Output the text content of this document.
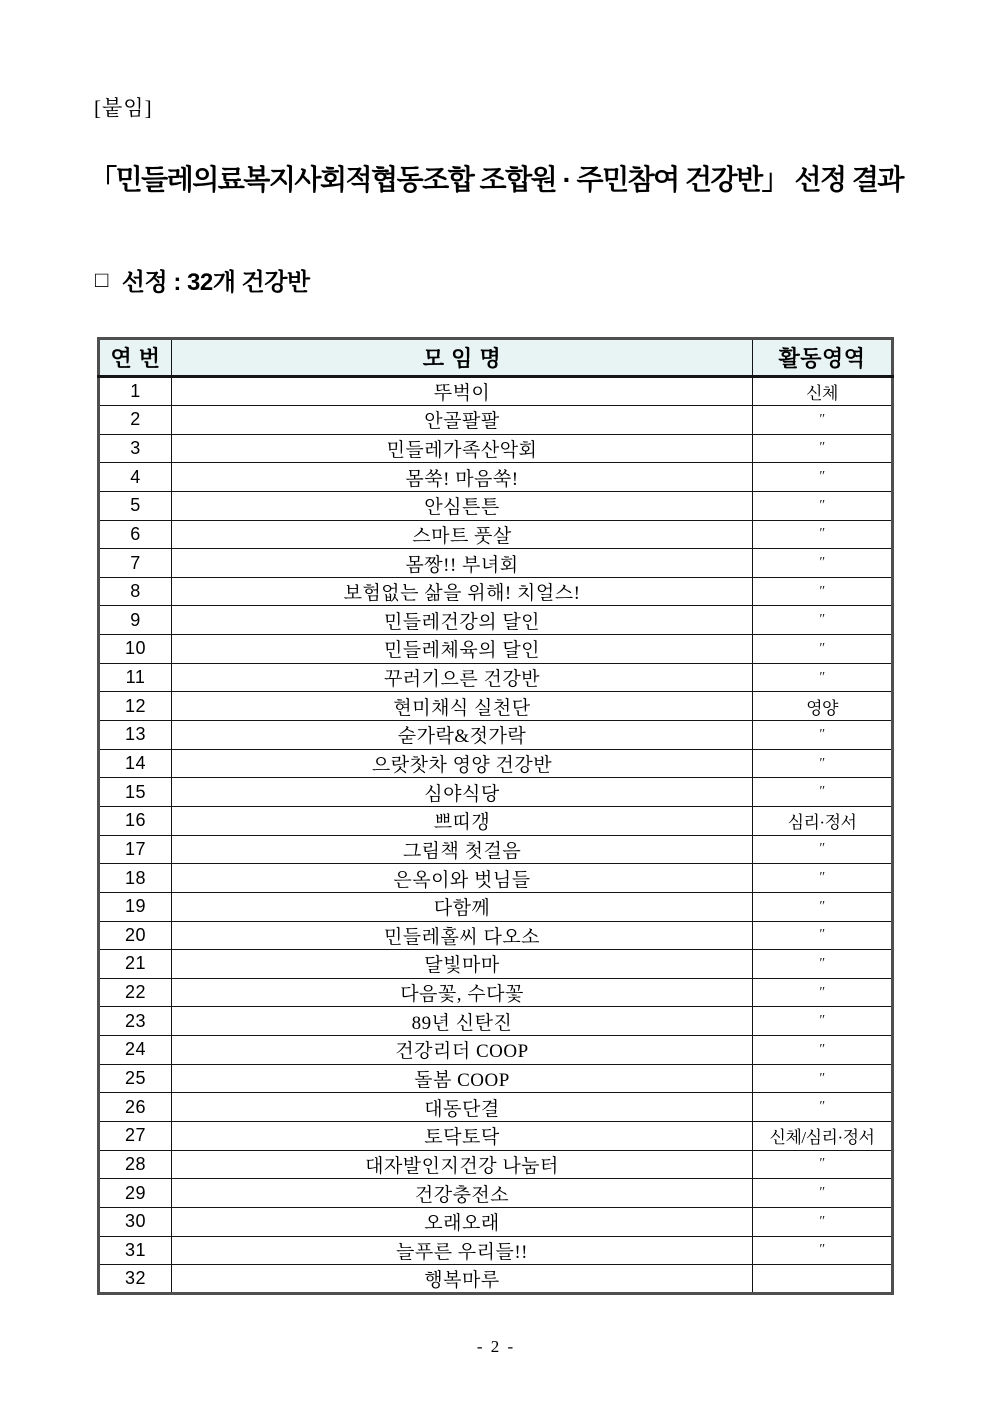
[붙임]
「민들레의료복지사회적협동조합 조합원 · 주민참여 건강반」 선정 결과
□ 선정 : 32개 건강반
연 번	모 임 명	활동영역
1	뚜벅이	신체
2	안골팔팔	″
3	민들레가족산악회	″
4	몸쑥! 마음쑥!	″
5	안심튼튼	″
6	스마트 풋살	″
7	몸짱!! 부녀회	″
8	보험없는 삶을 위해! 치얼스!	″
9	민들레건강의 달인	″
10	민들레체육의 달인	″
11	꾸러기으른 건강반	″
12	현미채식 실천단	영양
13	숟가락&젓가락	″
14	으랏찻차 영양 건강반	″
15	심야식당	″
16	쁘띠갱	심리·정서
17	그림책 첫걸음	″
18	은옥이와 벗님들	″
19	다함께	″
20	민들레홀씨 다오소	″
21	달빛마마	″
22	다음꽃, 수다꽃	″
23	89년 신탄진	″
24	건강리더 COOP	″
25	돌봄 COOP	″
26	대동단결	″
27	토닥토닥	신체/심리·정서
28	대자발인지건강 나눔터	″
29	건강충전소	″
30	오래오래	″
31	늘푸른 우리들!!	″
32	행복마루	
- 2 -
